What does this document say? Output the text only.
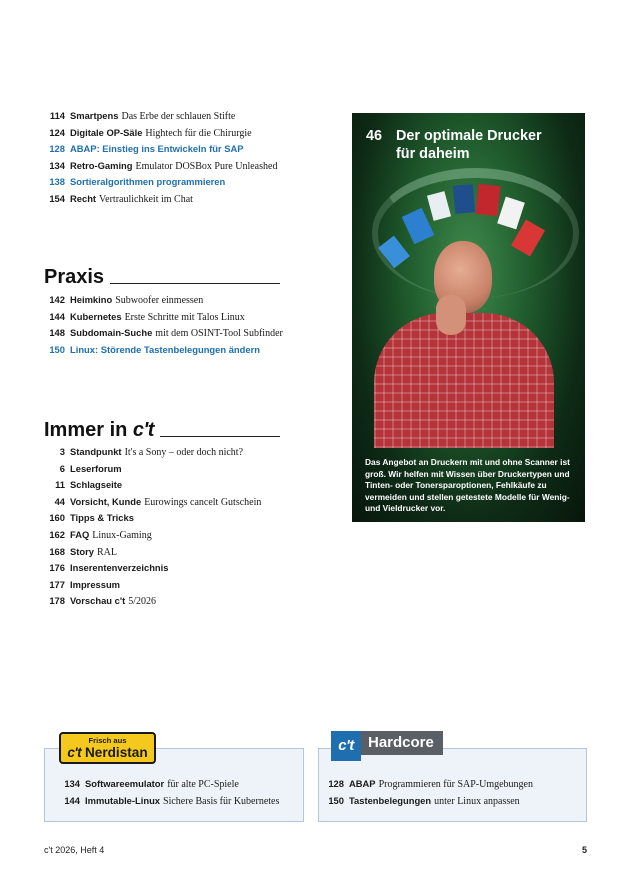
114 Smartpens Das Erbe der schlauen Stifte
124 Digitale OP-Säle Hightech für die Chirurgie
128 ABAP: Einstieg ins Entwickeln für SAP
134 Retro-Gaming Emulator DOSBox Pure Unleashed
138 Sortieralgorithmen programmieren
154 Recht Vertraulichkeit im Chat
Praxis
142 Heimkino Subwoofer einmessen
144 Kubernetes Erste Schritte mit Talos Linux
148 Subdomain-Suche mit dem OSINT-Tool Subfinder
150 Linux: Störende Tastenbelegungen ändern
Immer in c't
3 Standpunkt It's a Sony – oder doch nicht?
6 Leserforum
11 Schlagseite
44 Vorsicht, Kunde Eurowings cancelt Gutschein
160 Tipps & Tricks
162 FAQ Linux-Gaming
168 Story RAL
176 Inserentenverzeichnis
177 Impressum
178 Vorschau c't 5/2026
46 Der optimale Drucker
für daheim
Das Angebot an Druckern mit und ohne Scanner ist groß. Wir helfen mit Wissen über Druckertypen und Tinten- oder Tonersparoptionen, Fehlkäufe zu vermeiden und stellen getestete Modelle für Wenig- und Vieldrucker vor.
134 Softwareemulator für alte PC-Spiele
144 Immutable-Linux Sichere Basis für Kubernetes
Frisch aus
c't Nerdistan
128 ABAP Programmieren für SAP-Umgebungen
150 Tastenbelegungen unter Linux anpassen
c't Hardcore
c't 2026, Heft 4	5
